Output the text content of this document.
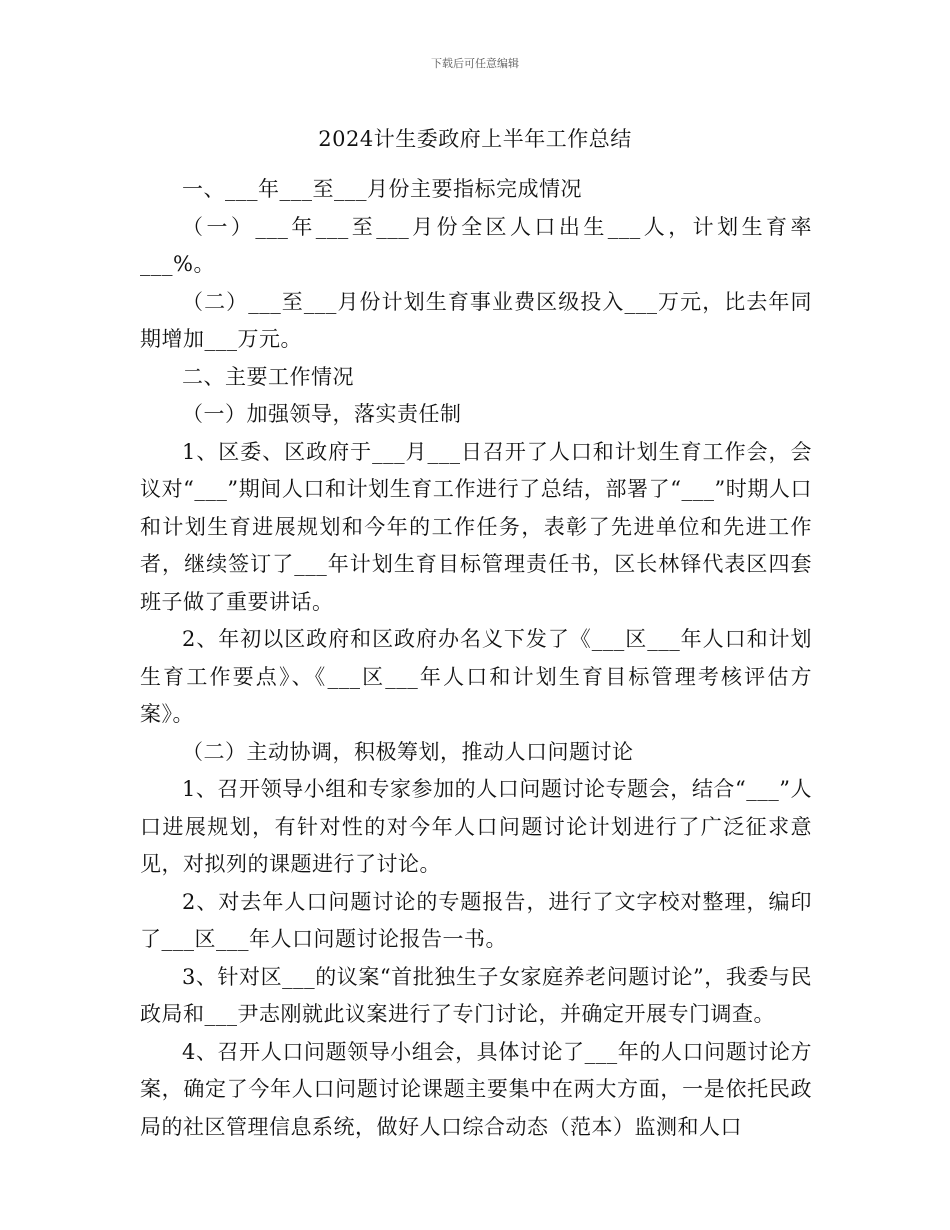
下载后可任意编辑
2024计生委政府上半年工作总结

一、___年___至___月份主要指标完成情况

（一）___年___至___月份全区人口出生___人，计划生育率___%。

（二）___至___月份计划生育事业费区级投入___万元，比去年同期增加___万元。

二、主要工作情况

（一）加强领导，落实责任制

1、区委、区政府于___月___日召开了人口和计划生育工作会，会议对“___”期间人口和计划生育工作进行了总结，部署了“___”时期人口和计划生育进展规划和今年的工作任务，表彰了先进单位和先进工作者，继续签订了___年计划生育目标管理责任书，区长林铎代表区四套班子做了重要讲话。

2、年初以区政府和区政府办名义下发了《___区___年人口和计划生育工作要点》、《___区___年人口和计划生育目标管理考核评估方案》。

（二）主动协调，积极筹划，推动人口问题讨论

1、召开领导小组和专家参加的人口问题讨论专题会，结合“___”人口进展规划，有针对性的对今年人口问题讨论计划进行了广泛征求意见，对拟列的课题进行了讨论。

2、对去年人口问题讨论的专题报告，进行了文字校对整理，编印了___区___年人口问题讨论报告一书。

3、针对区___的议案“首批独生子女家庭养老问题讨论”，我委与民政局和___尹志刚就此议案进行了专门讨论，并确定开展专门调查。

4、召开人口问题领导小组会，具体讨论了___年的人口问题讨论方案，确定了今年人口问题讨论课题主要集中在两大方面，一是依托民政局的社区管理信息系统，做好人口综合动态（范本）监测和人口
